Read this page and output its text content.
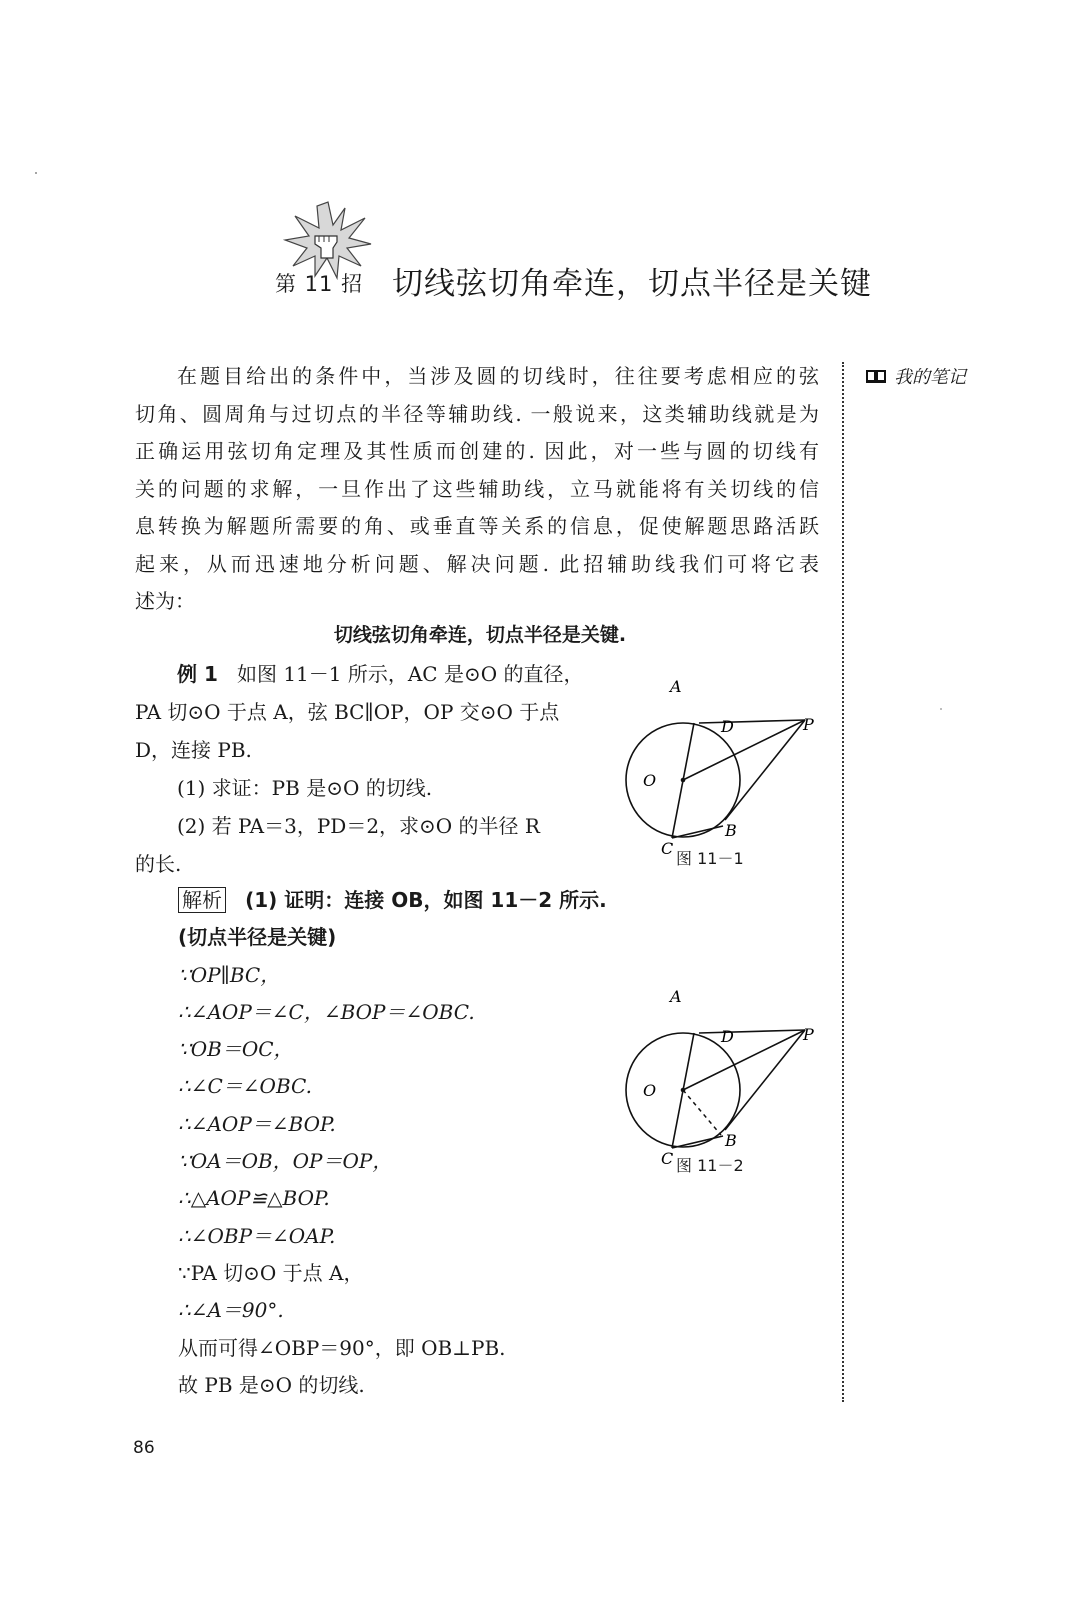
第 11 招 切线弦切角牵连，切点半径是关键
我的笔记
在题目给出的条件中，当涉及圆的切线时，往往要考虑相应的弦
切角、圆周角与过切点的半径等辅助线. 一般说来，这类辅助线就是为
正确运用弦切角定理及其性质而创建的. 因此，对一些与圆的切线有
关的问题的求解，一旦作出了这些辅助线，立马就能将有关切线的信
息转换为解题所需要的角、或垂直等关系的信息，促使解题思路活跃
起来，从而迅速地分析问题、解决问题. 此招辅助线我们可将它表
述为：
切线弦切角牵连，切点半径是关键.
例 1 如图 11－1 所示，AC 是⊙O 的直径，
PA 切⊙O 于点 A，弦 BC∥OP，OP 交⊙O 于点
D，连接 PB.
(1) 求证：PB 是⊙O 的切线.
(2) 若 PA＝3，PD＝2，求⊙O 的半径 R
的长.
A
D	P
O
B
C
图 11－1
解析 (1) 证明：连接 OB，如图 11－2 所示.
(切点半径是关键)
∵OP∥BC，
∴∠AOP＝∠C，∠BOP＝∠OBC.
∵OB＝OC，
∴∠C＝∠OBC.
∴∠AOP＝∠BOP.
∵OA＝OB，OP＝OP，
∴△AOP≌△BOP.
∴∠OBP＝∠OAP.
∵PA 切⊙O 于点 A，
∴∠A＝90°.
从而可得∠OBP＝90°，即 OB⊥PB.
故 PB 是⊙O 的切线.
A
D	P
O
B
C 图 11－2
86
